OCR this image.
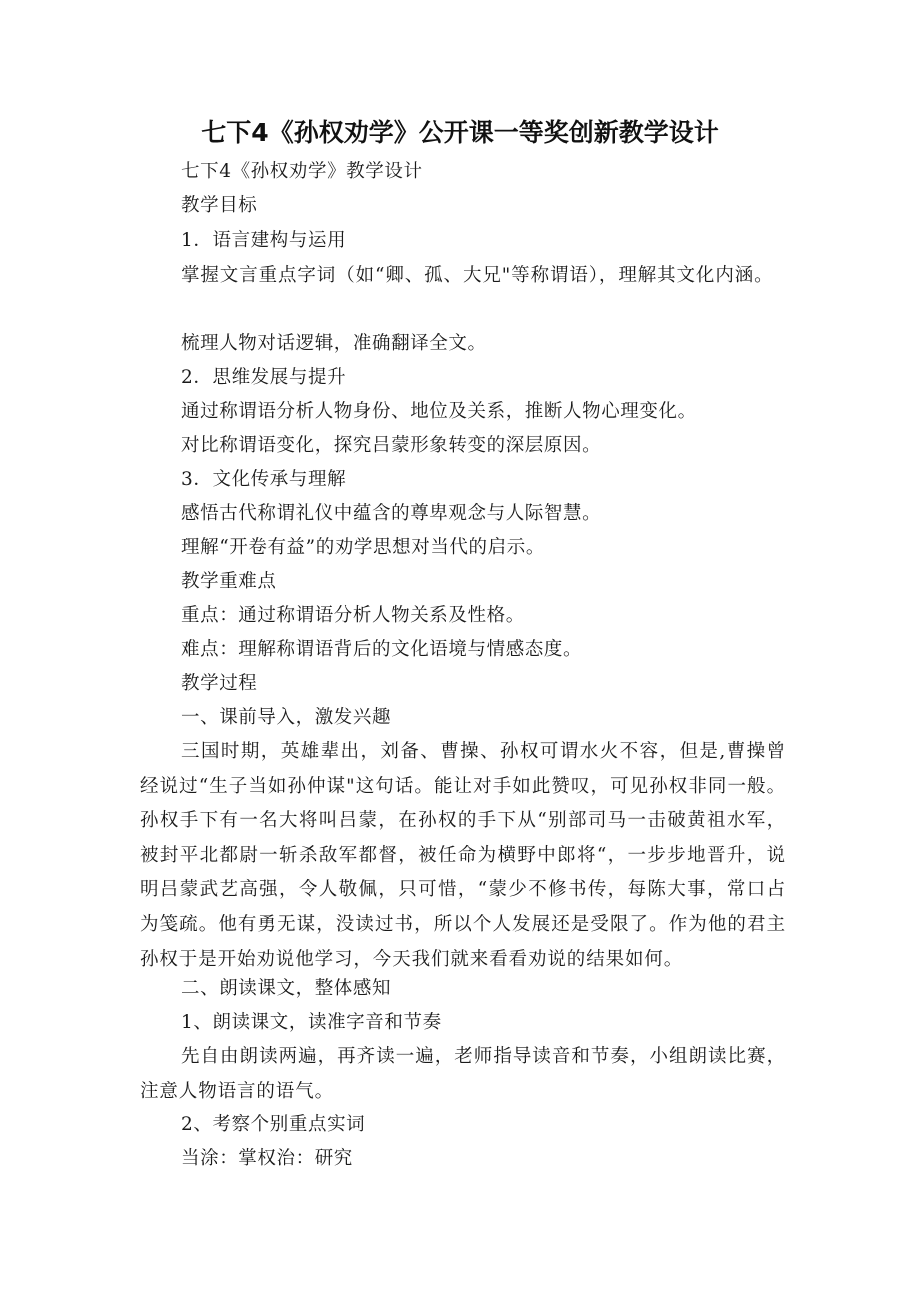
七下4《孙权劝学》公开课一等奖创新教学设计
七下4《孙权劝学》教学设计
教学目标
1．语言建构与运用
掌握文言重点字词（如“卿、孤、大兄"等称谓语），理解其文化内涵。
梳理人物对话逻辑，准确翻译全文。
2．思维发展与提升
通过称谓语分析人物身份、地位及关系，推断人物心理变化。
对比称谓语变化，探究吕蒙形象转变的深层原因。
3．文化传承与理解
感悟古代称谓礼仪中蕴含的尊卑观念与人际智慧。
理解“开卷有益”的劝学思想对当代的启示。
教学重难点
重点：通过称谓语分析人物关系及性格。
难点：理解称谓语背后的文化语境与情感态度。
教学过程
一、课前导入，激发兴趣
三国时期，英雄辈出，刘备、曹操、孙权可谓水火不容，但是,曹操曾经说过“生子当如孙仲谋"这句话。能让对手如此赞叹，可见孙权非同一般。孙权手下有一名大将叫吕蒙，在孙权的手下从“别部司马一击破黄祖水军，被封平北都尉一斩杀敌军都督，被任命为横野中郎将“，一步步地晋升，说明吕蒙武艺高强，令人敬佩，只可惜，“蒙少不修书传，每陈大事，常口占为笺疏。他有勇无谋，没读过书，所以个人发展还是受限了。作为他的君主孙权于是开始劝说他学习，今天我们就来看看劝说的结果如何。
二、朗读课文，整体感知
1、朗读课文，读准字音和节奏
先自由朗读两遍，再齐读一遍，老师指导读音和节奏，小组朗读比赛，注意人物语言的语气。
2、考察个别重点实词
当涂：掌权治：研究
